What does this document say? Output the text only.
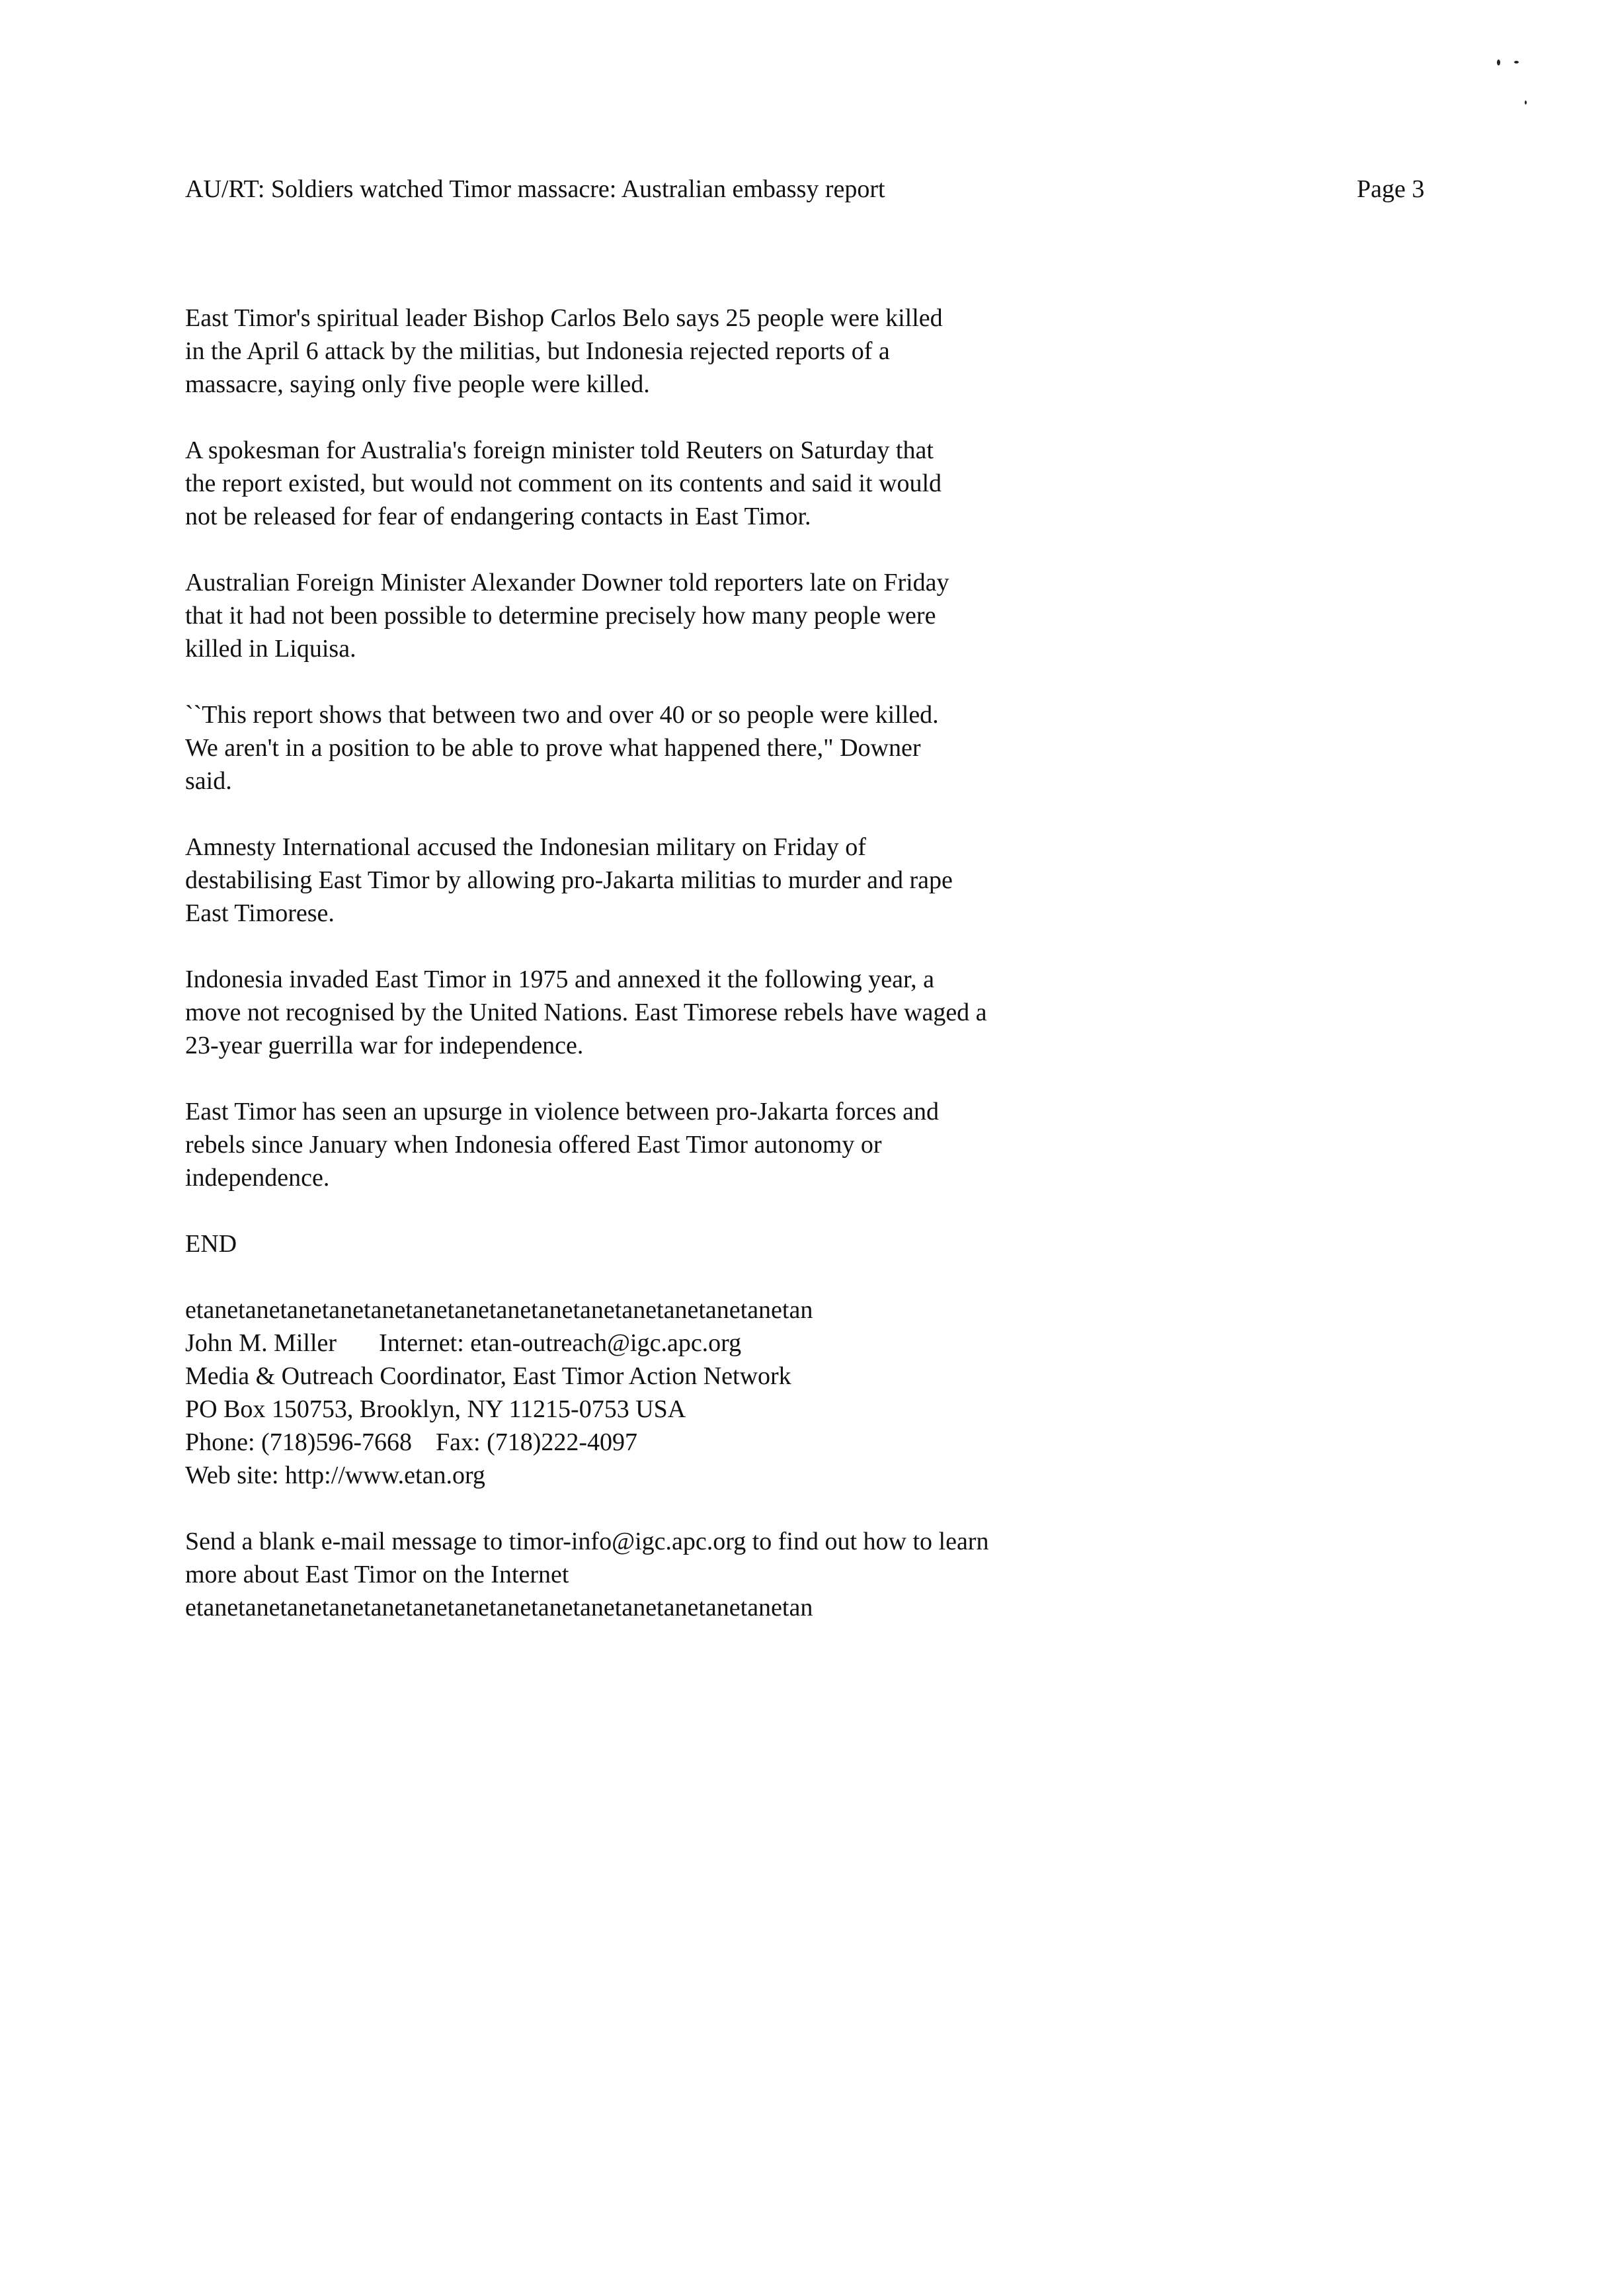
AU/RT: Soldiers watched Timor massacre: Australian embassy report	Page 3
East Timor's spiritual leader Bishop Carlos Belo says 25 people were killed
in the April 6 attack by the militias, but Indonesia rejected reports of a
massacre, saying only five people were killed.
A spokesman for Australia's foreign minister told Reuters on Saturday that
the report existed, but would not comment on its contents and said it would
not be released for fear of endangering contacts in East Timor.
Australian Foreign Minister Alexander Downer told reporters late on Friday
that it had not been possible to determine precisely how many people were
killed in Liquisa.
``This report shows that between two and over 40 or so people were killed.
We aren't in a position to be able to prove what happened there," Downer
said.
Amnesty International accused the Indonesian military on Friday of
destabilising East Timor by allowing pro-Jakarta militias to murder and rape
East Timorese.
Indonesia invaded East Timor in 1975 and annexed it the following year, a
move not recognised by the United Nations. East Timorese rebels have waged a
23-year guerrilla war for independence.
East Timor has seen an upsurge in violence between pro-Jakarta forces and
rebels since January when Indonesia offered East Timor autonomy or
independence.
END
etanetanetanetanetanetanetanetanetanetanetanetanetanetanetan
John M. Miller Internet: etan-outreach@igc.apc.org
Media & Outreach Coordinator, East Timor Action Network
PO Box 150753, Brooklyn, NY 11215-0753 USA
Phone: (718)596-7668 Fax: (718)222-4097
Web site: http://www.etan.org
Send a blank e-mail message to timor-info@igc.apc.org to find out how to learn
more about East Timor on the Internet
etanetanetanetanetanetanetanetanetanetanetanetanetanetanetan
